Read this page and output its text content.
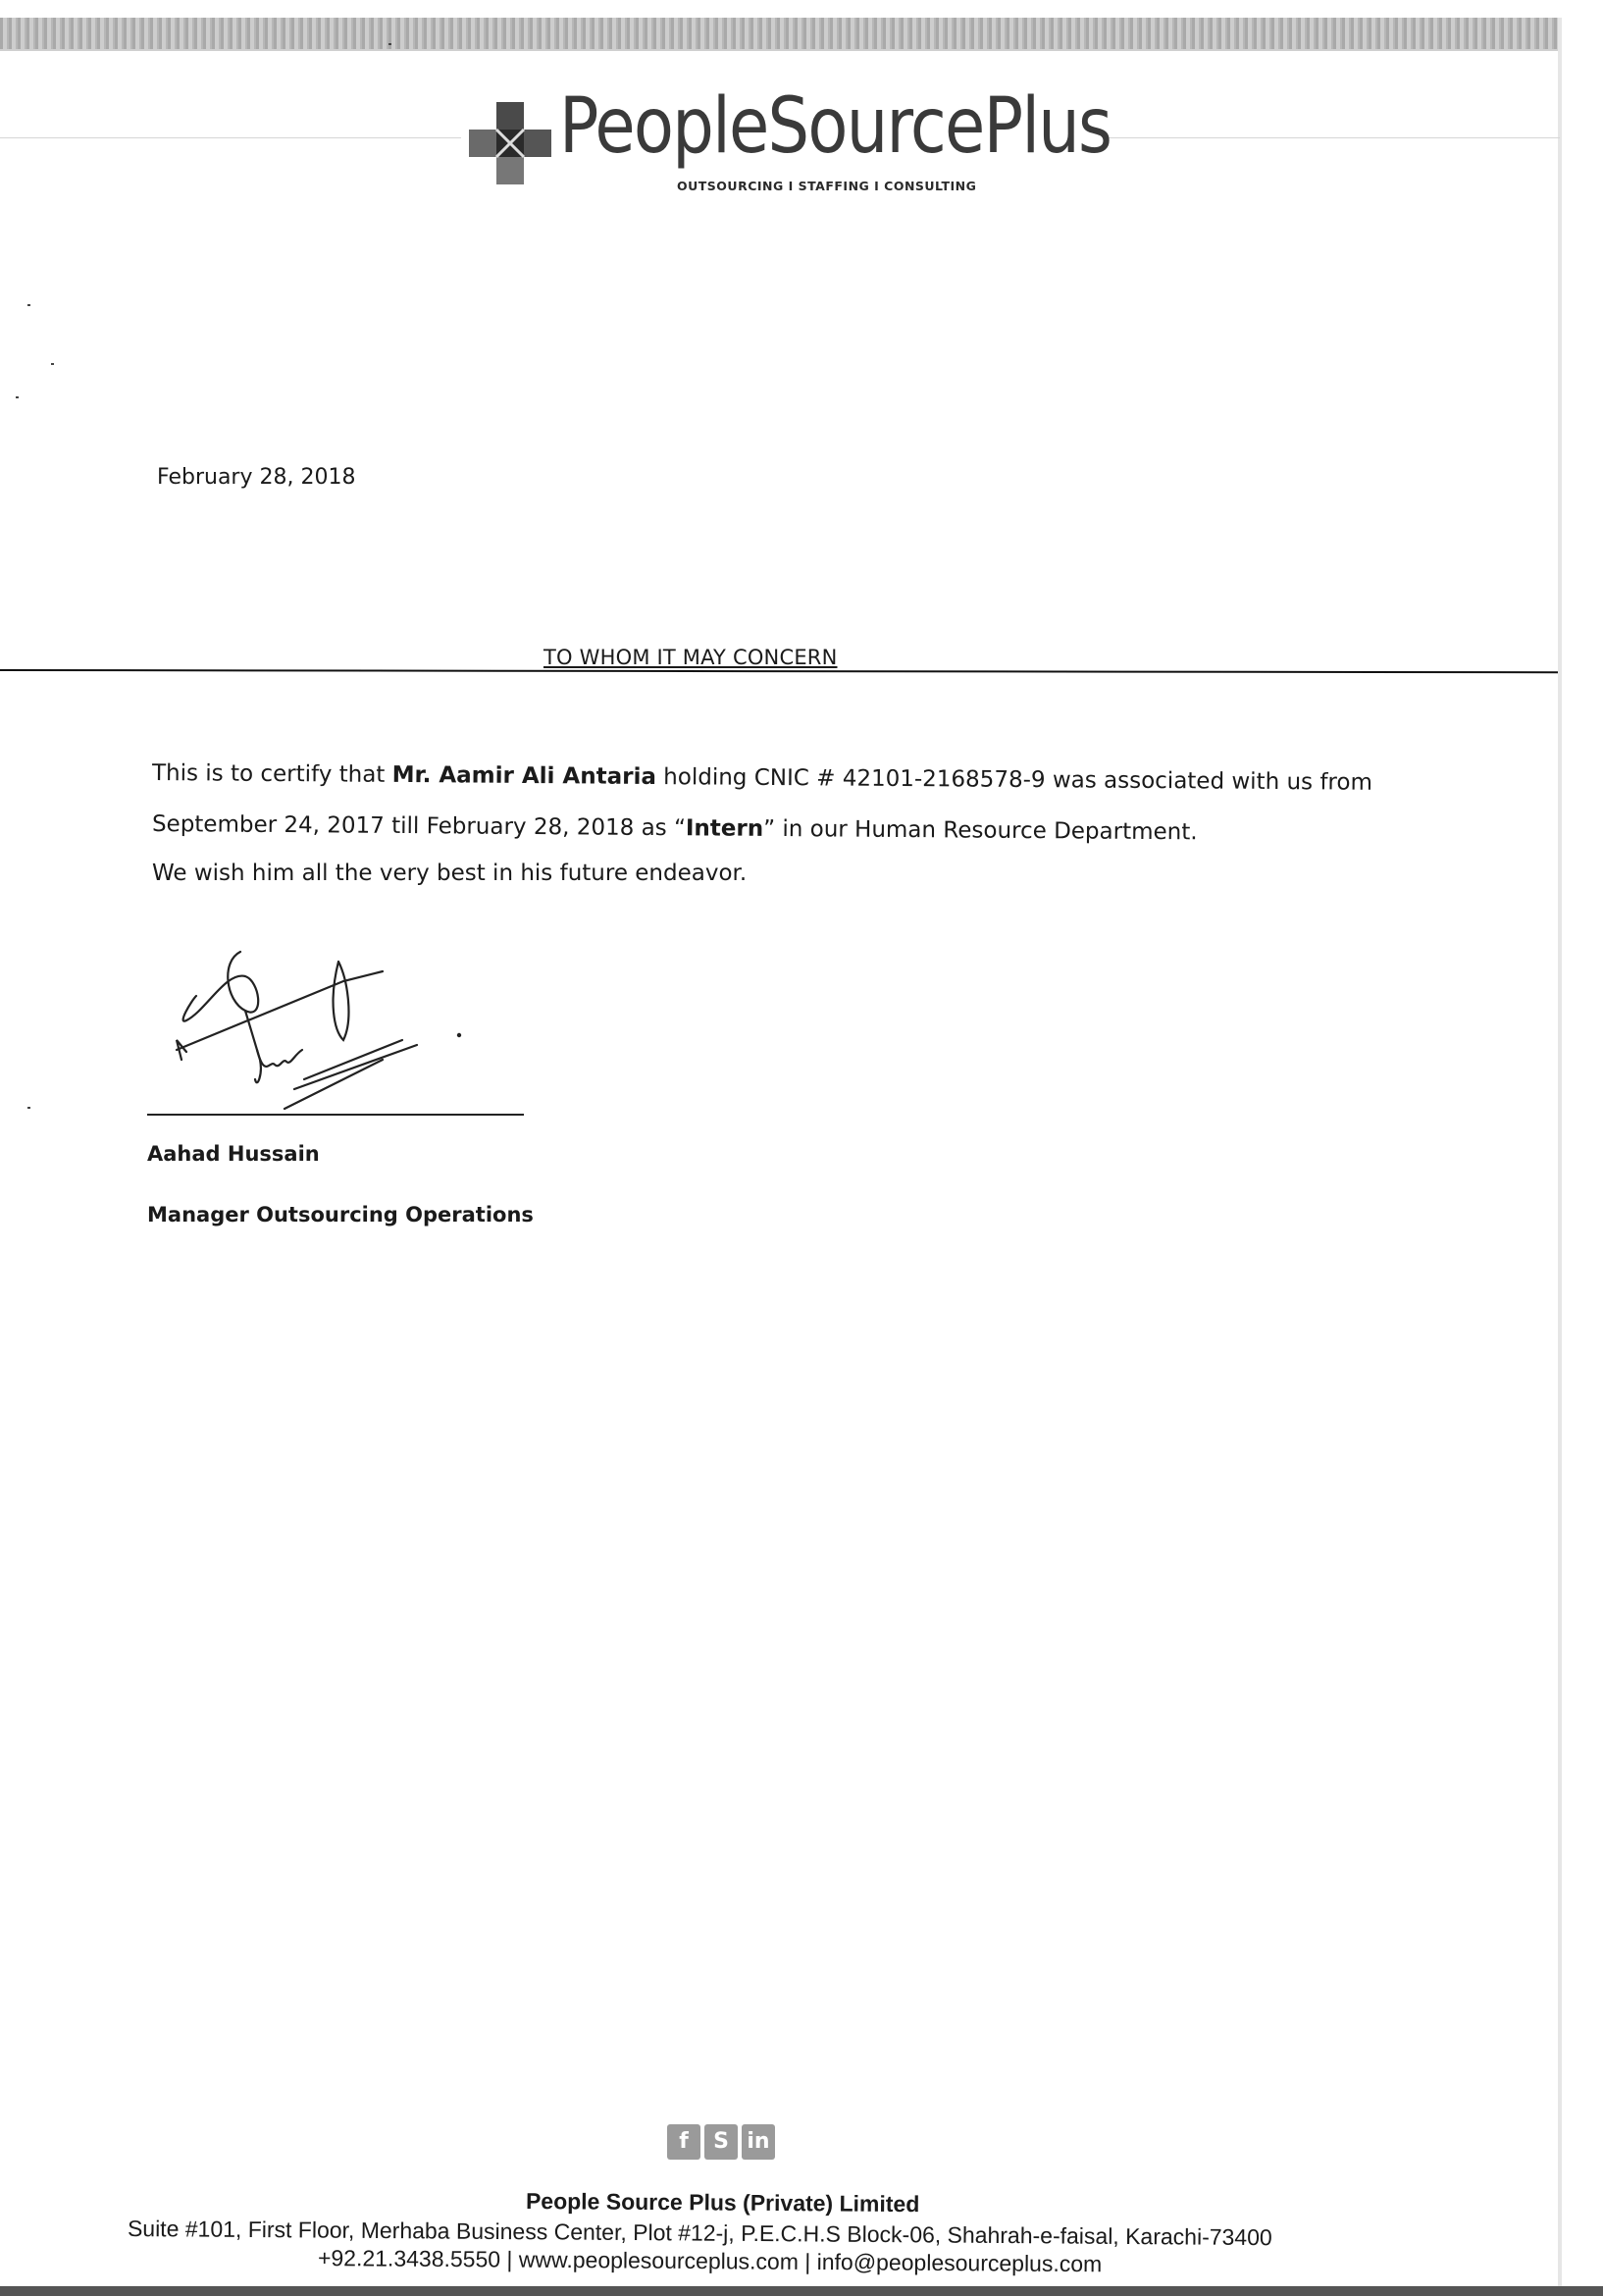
PeopleSourcePlus
OUTSOURCING I STAFFING I CONSULTING
February 28, 2018
TO WHOM IT MAY CONCERN
This is to certify that Mr. Aamir Ali Antaria holding CNIC # 42101-2168578-9 was associated with us from
September 24, 2017 till February 28, 2018 as “Intern” in our Human Resource Department.
We wish him all the very best in his future endeavor.
Aahad Hussain
Manager Outsourcing Operations
f S in
People Source Plus (Private) Limited
Suite #101, First Floor, Merhaba Business Center, Plot #12-j, P.E.C.H.S Block-06, Shahrah-e-faisal, Karachi-73400
+92.21.3438.5550 | www.peoplesourceplus.com | info@peoplesourceplus.com
